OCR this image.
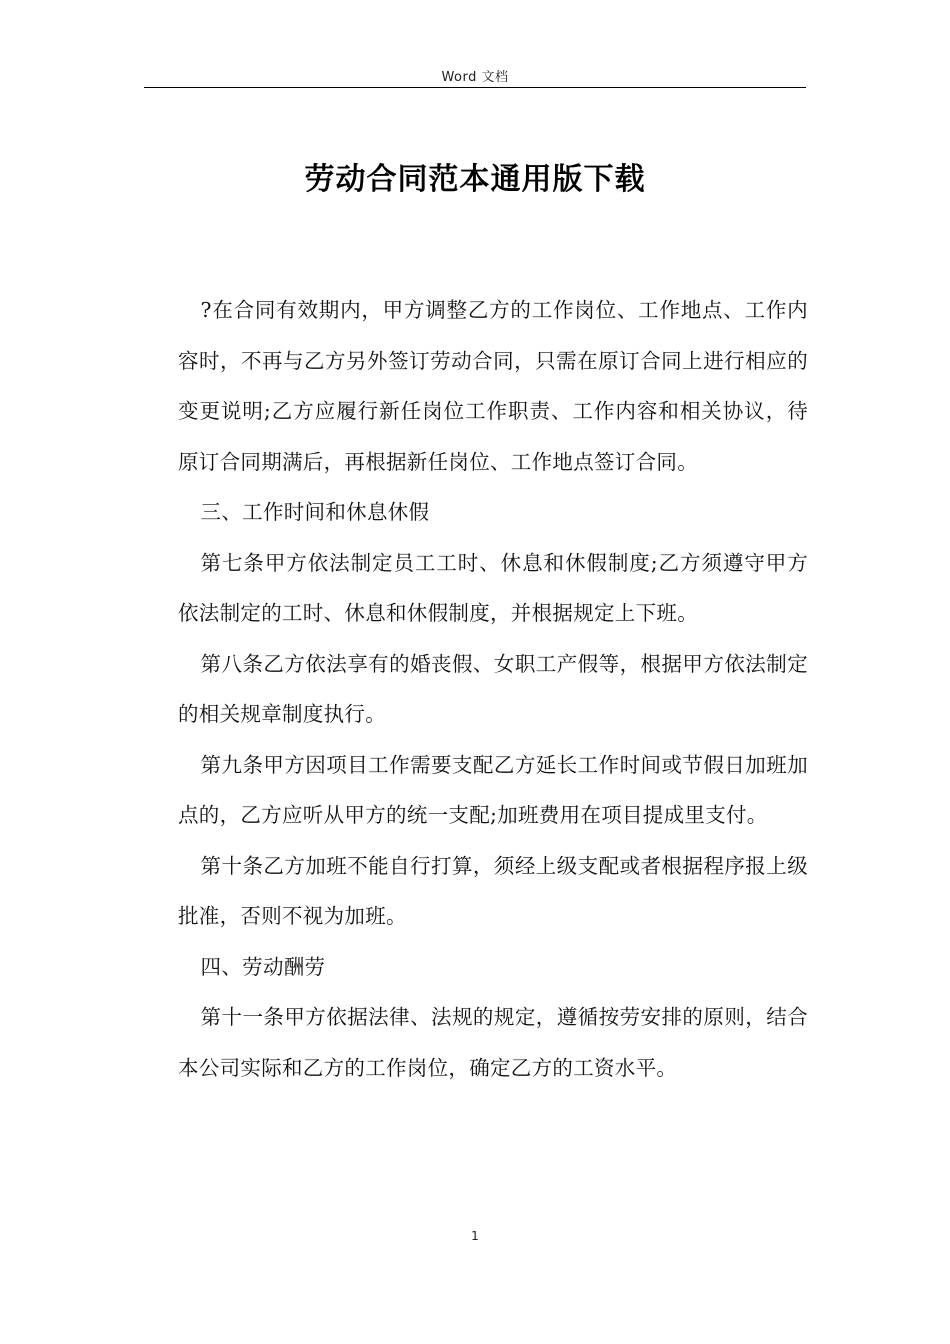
Word 文档
劳动合同范本通用版下载

?在合同有效期内，甲方调整乙方的工作岗位、工作地点、工作内容时，不再与乙方另外签订劳动合同，只需在原订合同上进行相应的变更说明;乙方应履行新任岗位工作职责、工作内容和相关协议，待原订合同期满后，再根据新任岗位、工作地点签订合同。

三、工作时间和休息休假

第七条甲方依法制定员工工时、休息和休假制度;乙方须遵守甲方依法制定的工时、休息和休假制度，并根据规定上下班。

第八条乙方依法享有的婚丧假、女职工产假等，根据甲方依法制定的相关规章制度执行。

第九条甲方因项目工作需要支配乙方延长工作时间或节假日加班加点的，乙方应听从甲方的统一支配;加班费用在项目提成里支付。

第十条乙方加班不能自行打算，须经上级支配或者根据程序报上级批准，否则不视为加班。

四、劳动酬劳

第十一条甲方依据法律、法规的规定，遵循按劳安排的原则，结合本公司实际和乙方的工作岗位，确定乙方的工资水平。

1
